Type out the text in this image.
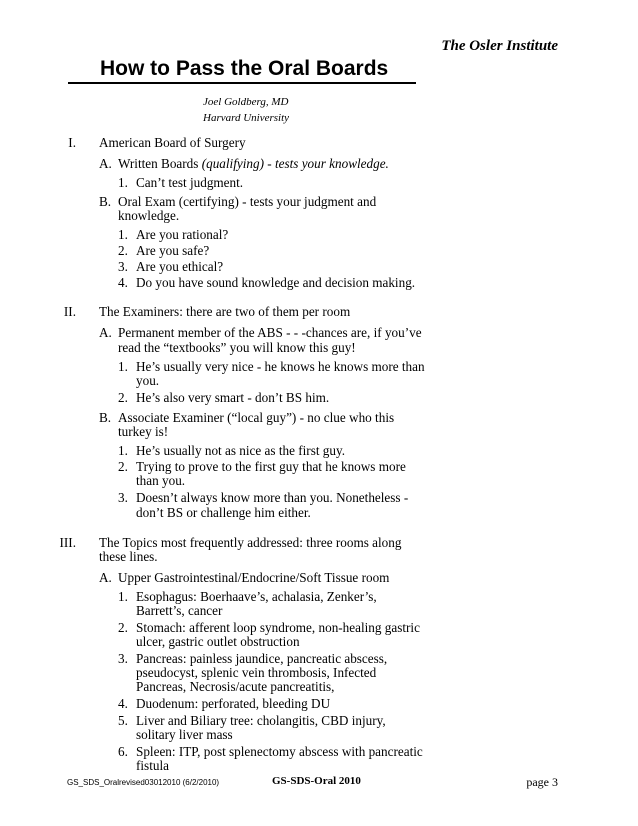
The Osler Institute
How to Pass the Oral Boards
Joel Goldberg, MD
Harvard University
I. American Board of Surgery
A. Written Boards (qualifying) - tests your knowledge.
1. Can’t test judgment.
B. Oral Exam (certifying) - tests your judgment and
knowledge.
1. Are you rational?
2. Are you safe?
3. Are you ethical?
4. Do you have sound knowledge and decision making.
II. The Examiners: there are two of them per room
A. Permanent member of the ABS - - -chances are, if you’ve
read the “textbooks” you will know this guy!
1. He’s usually very nice - he knows he knows more than
you.
2. He’s also very smart - don’t BS him.
B. Associate Examiner (“local guy”) - no clue who this
turkey is!
1. He’s usually not as nice as the first guy.
2. Trying to prove to the first guy that he knows more
than you.
3. Doesn’t always know more than you. Nonetheless -
don’t BS or challenge him either.
III. The Topics most frequently addressed: three rooms along
these lines.
A. Upper Gastrointestinal/Endocrine/Soft Tissue room
1. Esophagus: Boerhaave’s, achalasia, Zenker’s,
Barrett’s, cancer
2. Stomach: afferent loop syndrome, non-healing gastric
ulcer, gastric outlet obstruction
3. Pancreas: painless jaundice, pancreatic abscess,
pseudocyst, splenic vein thrombosis, Infected
Pancreas, Necrosis/acute pancreatitis,
4. Duodenum: perforated, bleeding DU
5. Liver and Biliary tree: cholangitis, CBD injury,
solitary liver mass
6. Spleen: ITP, post splenectomy abscess with pancreatic
fistula
GS_SDS_Oralrevised03012010 (6/2/2010)	GS-SDS-Oral 2010	page 3
